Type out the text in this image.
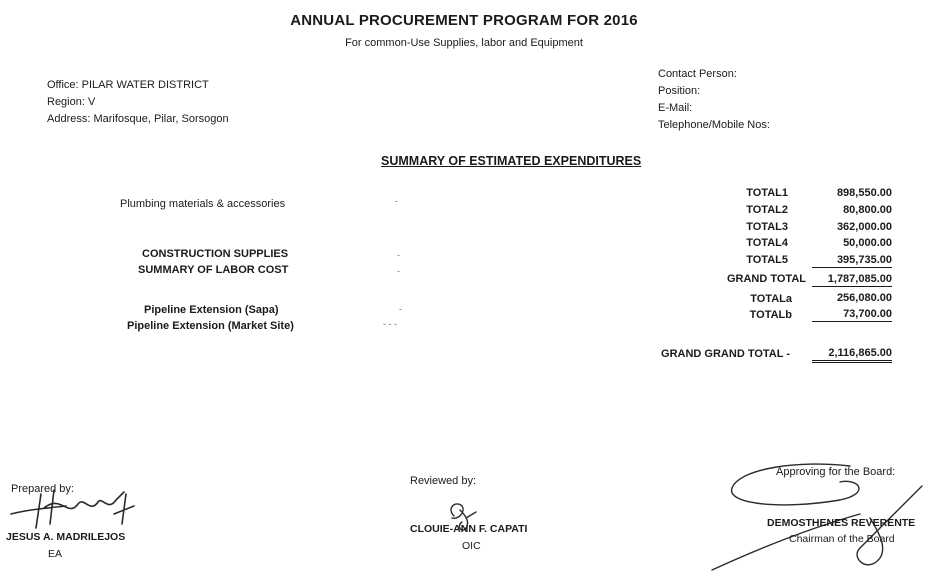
ANNUAL PROCUREMENT PROGRAM FOR 2016
For common-Use Supplies, labor and Equipment
Office: PILAR WATER DISTRICT
Region: V
Address: Marifosque, Pilar, Sorsogon
Contact Person:
Position:
E-Mail:
Telephone/Mobile Nos:
SUMMARY OF ESTIMATED EXPENDITURES
Plumbing materials & accessories
CONSTRUCTION SUPPLIES
SUMMARY OF LABOR COST
Pipeline Extension (Sapa)
Pipeline Extension (Market Site)
-
-
-
-
- - -
TOTAL1
TOTAL2
TOTAL3
TOTAL4
TOTAL5
GRAND TOTAL
TOTALa
TOTALb
GRAND GRAND TOTAL -
898,550.00
80,800.00
362,000.00
50,000.00
395,735.00
1,787,085.00
256,080.00
73,700.00
2,116,865.00
Prepared by:
JESUS A. MADRILEJOS
EA
Reviewed by:
CLOUIE-ANN F. CAPATI
OIC
Approving for the Board:
DEMOSTHENES REVERENTE
Chairman of the Board
